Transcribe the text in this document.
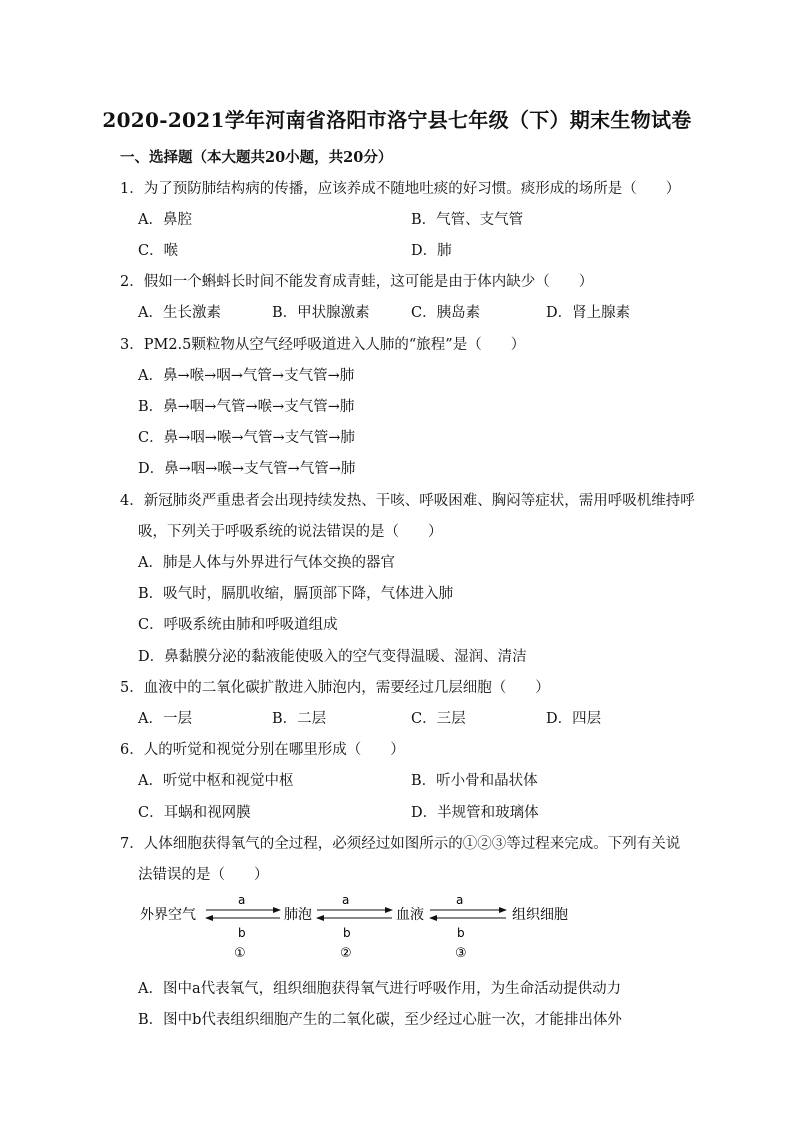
2020-2021学年河南省洛阳市洛宁县七年级（下）期末生物试卷
一、选择题（本大题共20小题，共20分）
1．为了预防肺结构病的传播，应该养成不随地吐痰的好习惯。痰形成的场所是（　　）
A．鼻腔	B．气管、支气管
C．喉	D．肺
2．假如一个蝌蚪长时间不能发育成青蛙，这可能是由于体内缺少（　　）
A．生长激素	B．甲状腺激素	C．胰岛素	D．肾上腺素
3．PM2.5颗粒物从空气经呼吸道进入人肺的“旅程”是（　　）
A．鼻→喉→咽→气管→支气管→肺
B．鼻→咽→气管→喉→支气管→肺
C．鼻→咽→喉→气管→支气管→肺
D．鼻→咽→喉→支气管→气管→肺
4．新冠肺炎严重患者会出现持续发热、干咳、呼吸困难、胸闷等症状，需用呼吸机维持呼
吸，下列关于呼吸系统的说法错误的是（　　）
A．肺是人体与外界进行气体交换的器官
B．吸气时，膈肌收缩，膈顶部下降，气体进入肺
C．呼吸系统由肺和呼吸道组成
D．鼻黏膜分泌的黏液能使吸入的空气变得温暖、湿润、清洁
5．血液中的二氧化碳扩散进入肺泡内，需要经过几层细胞（　　）
A．一层	B．二层	C．三层	D．四层
6．人的听觉和视觉分别在哪里形成（　　）
A．听觉中枢和视觉中枢	B．听小骨和晶状体
C．耳蜗和视网膜	D．半规管和玻璃体
7．人体细胞获得氧气的全过程，必须经过如图所示的①②③等过程来完成。下列有关说
法错误的是（　　）
外界空气	肺泡	血液	组织细胞
a
b
①
a
b
②
a
b
③
A．图中a代表氧气，组织细胞获得氧气进行呼吸作用，为生命活动提供动力
B．图中b代表组织细胞产生的二氧化碳，至少经过心脏一次，才能排出体外
